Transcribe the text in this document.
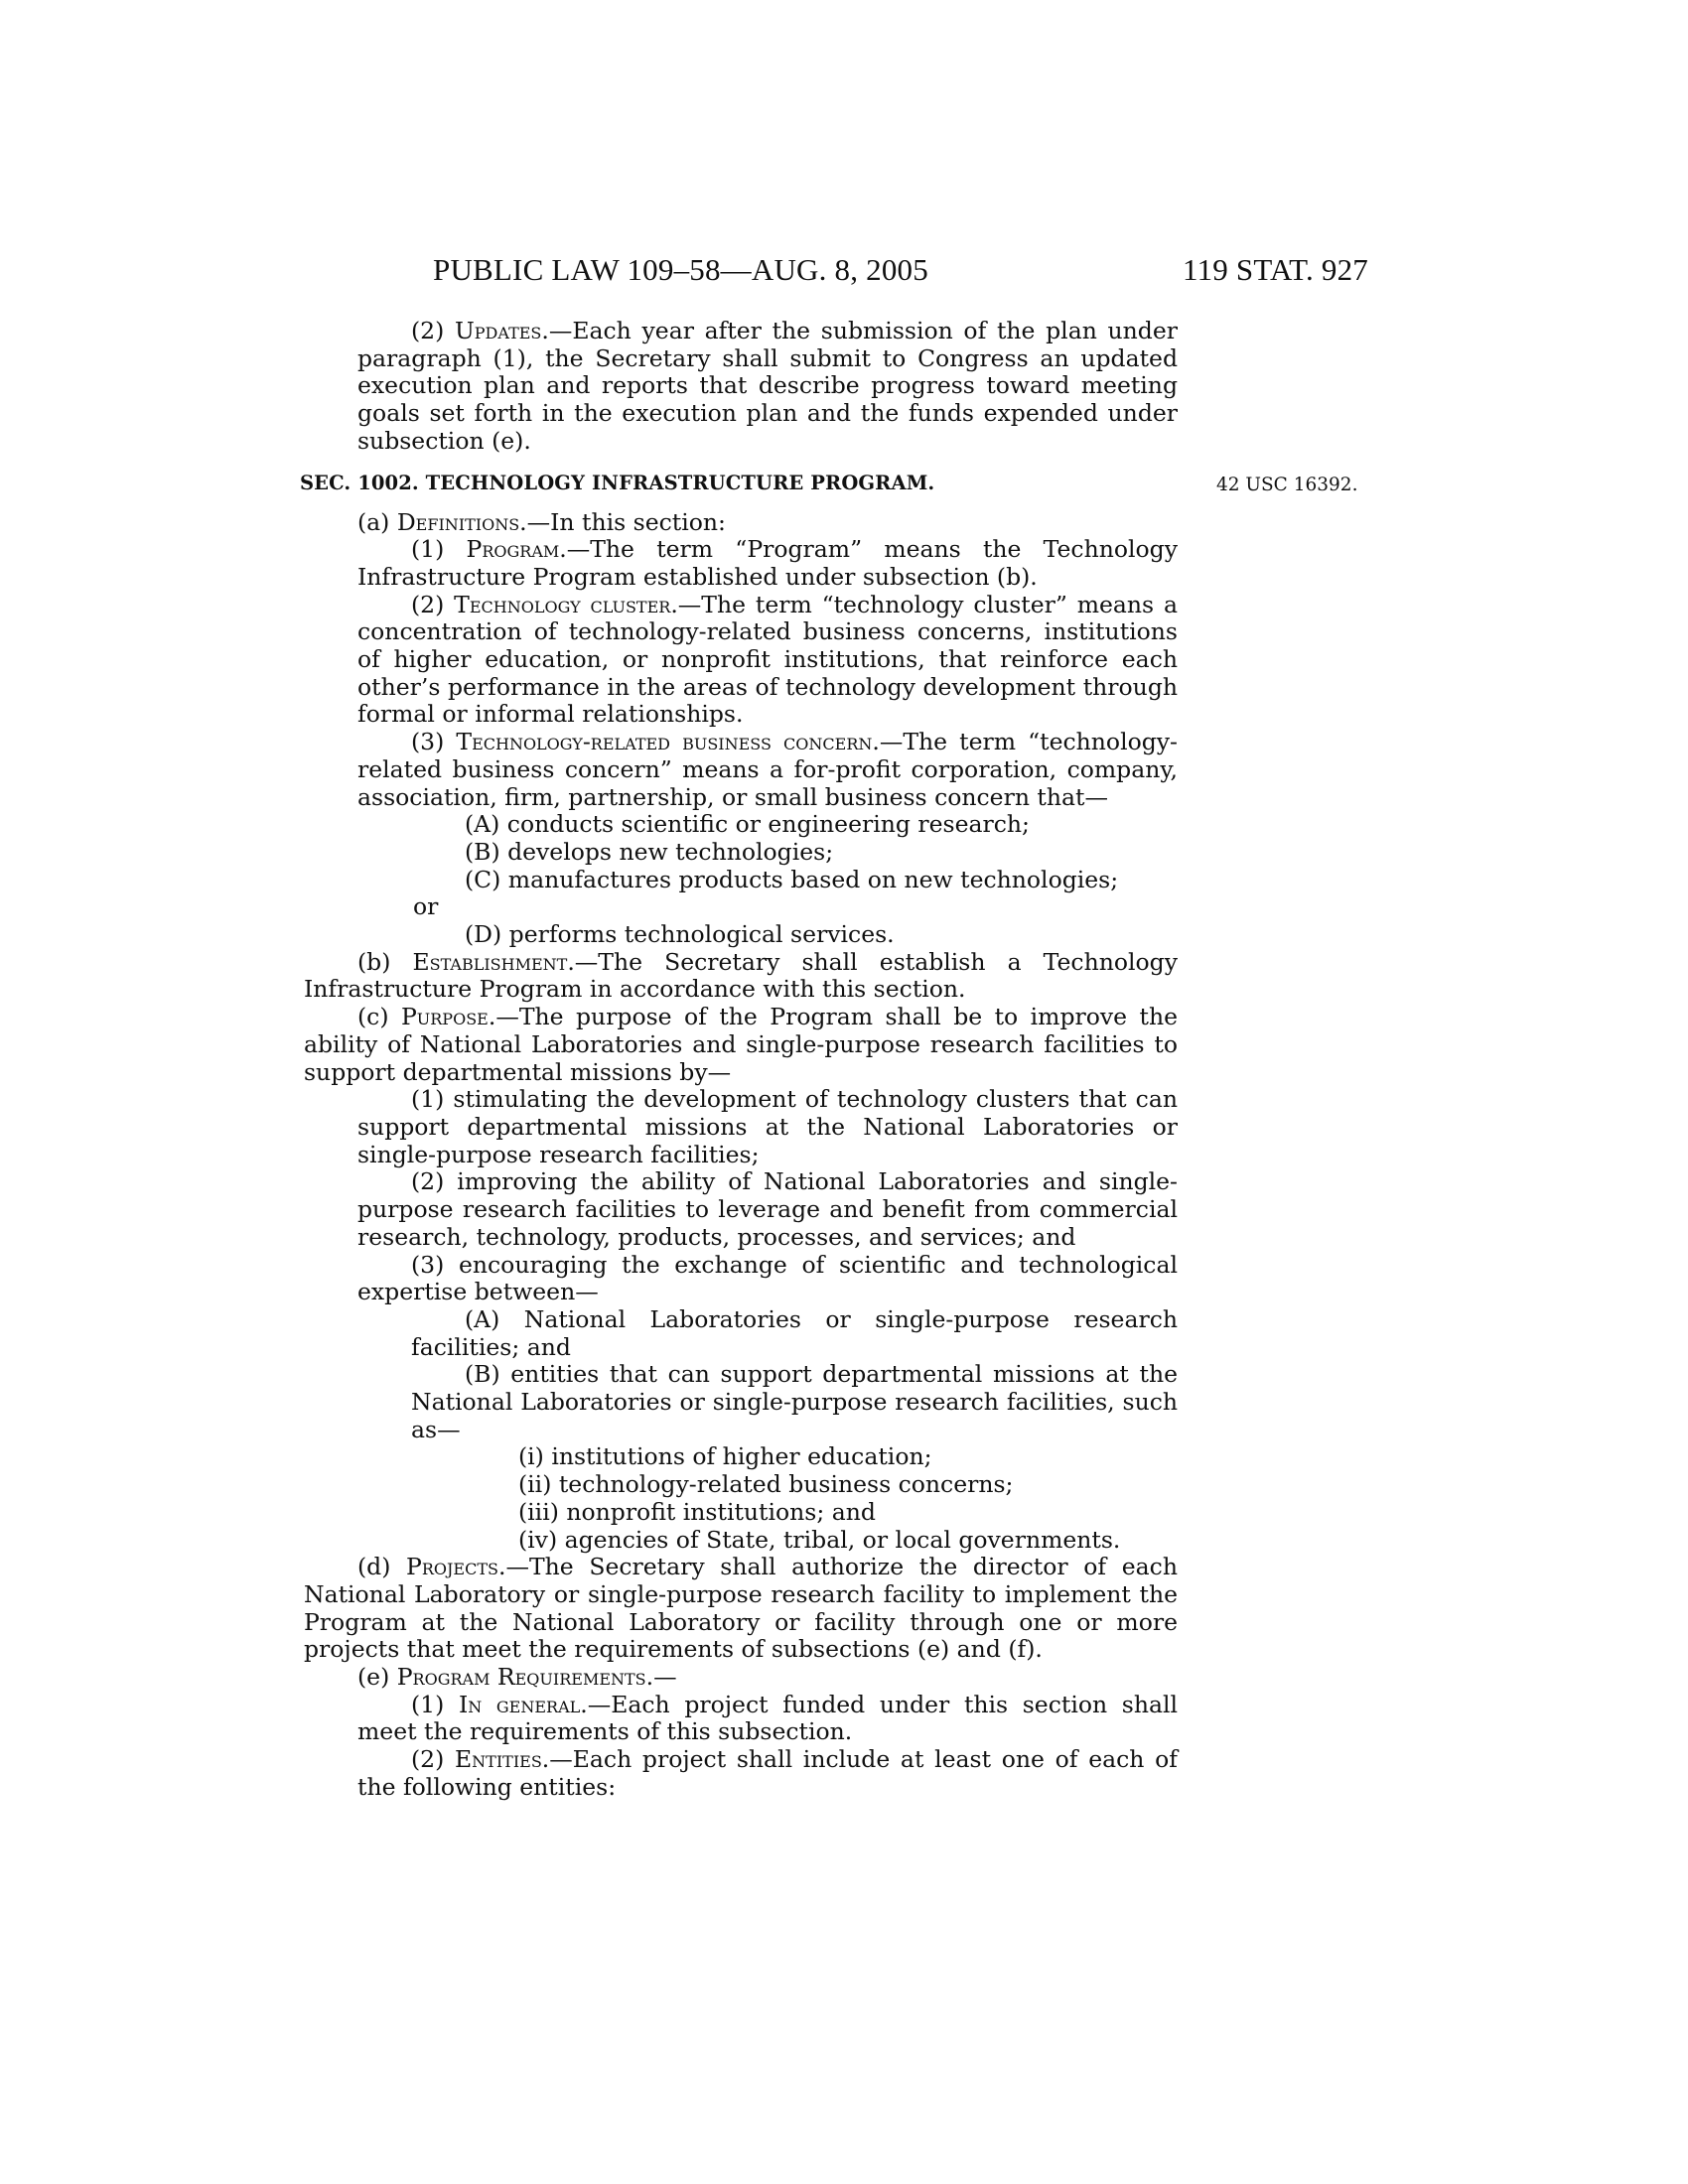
PUBLIC LAW 109–58—AUG. 8, 2005	119 STAT. 927

(2) Updates.—Each year after the submission of the plan under paragraph (1), the Secretary shall submit to Congress an updated execution plan and reports that describe progress toward meeting goals set forth in the execution plan and the funds expended under subsection (e).

SEC. 1002. TECHNOLOGY INFRASTRUCTURE PROGRAM.	42 USC 16392.

(a) Definitions.—In this section:

(1) Program.—The term “Program” means the Technology Infrastructure Program established under subsection (b).

(2) Technology cluster.—The term “technology cluster” means a concentration of technology-related business concerns, institutions of higher education, or nonprofit institutions, that reinforce each other’s performance in the areas of technology development through formal or informal relationships.

(3) Technology-related business concern.—The term “technology-related business concern” means a for-profit corporation, company, association, firm, partnership, or small business concern that—

(A) conducts scientific or engineering research;

(B) develops new technologies;

(C) manufactures products based on new technologies;

or

(D) performs technological services.

(b) Establishment.—The Secretary shall establish a Technology Infrastructure Program in accordance with this section.

(c) Purpose.—The purpose of the Program shall be to improve the ability of National Laboratories and single-purpose research facilities to support departmental missions by—

(1) stimulating the development of technology clusters that can support departmental missions at the National Laboratories or single-purpose research facilities;

(2) improving the ability of National Laboratories and single-purpose research facilities to leverage and benefit from commercial research, technology, products, processes, and services; and

(3) encouraging the exchange of scientific and technological expertise between—

(A) National Laboratories or single-purpose research facilities; and

(B) entities that can support departmental missions at the National Laboratories or single-purpose research facilities, such as—

(i) institutions of higher education;

(ii) technology-related business concerns;

(iii) nonprofit institutions; and

(iv) agencies of State, tribal, or local governments.

(d) Projects.—The Secretary shall authorize the director of each National Laboratory or single-purpose research facility to implement the Program at the National Laboratory or facility through one or more projects that meet the requirements of subsections (e) and (f).

(e) Program Requirements.—

(1) In general.—Each project funded under this section shall meet the requirements of this subsection.

(2) Entities.—Each project shall include at least one of each of the following entities:
